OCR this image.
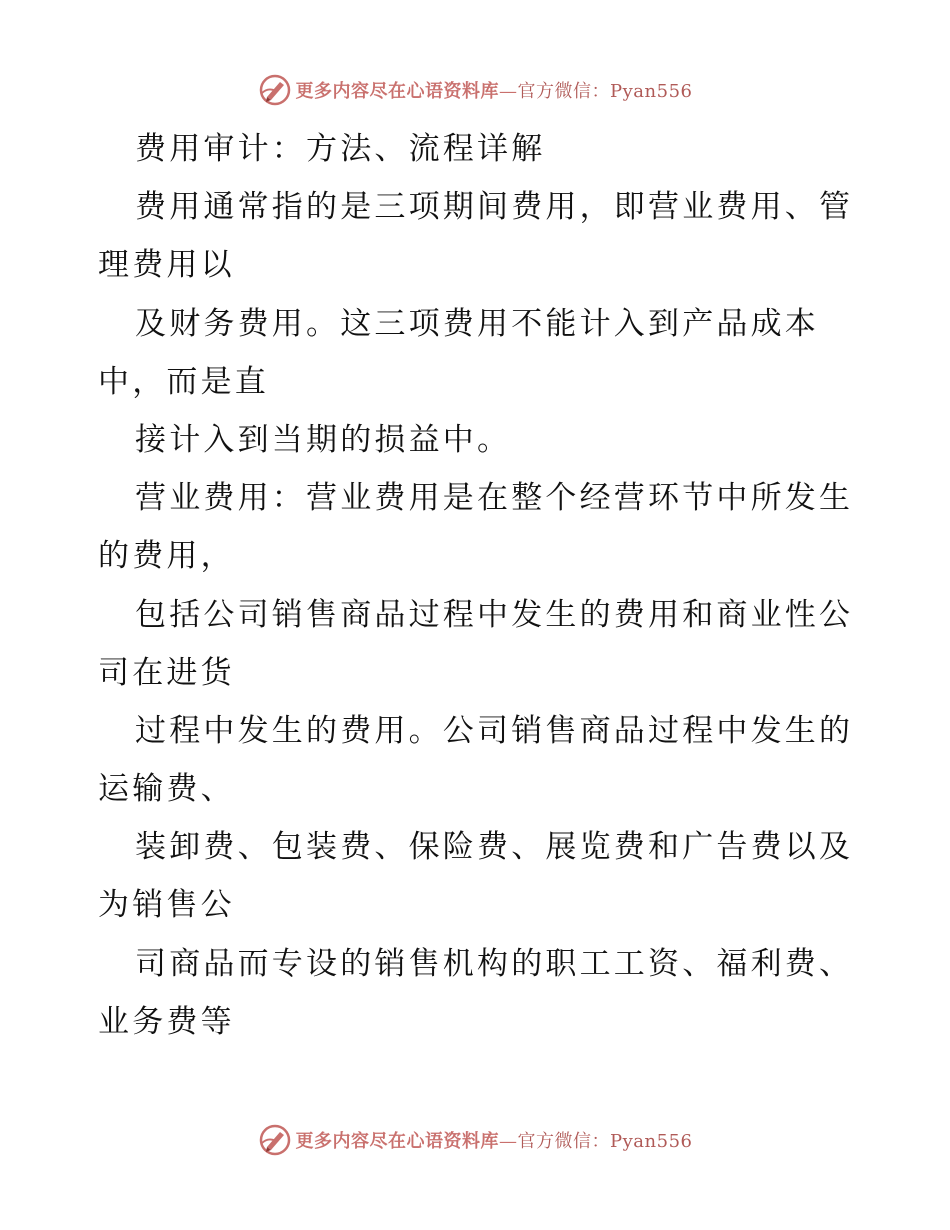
更多内容尽在心语资料库—官方微信：Pyan556
费用审计：方法、流程详解
费用通常指的是三项期间费用，即营业费用、管
理费用以
及财务费用。这三项费用不能计入到产品成本
中，而是直
接计入到当期的损益中。
营业费用：营业费用是在整个经营环节中所发生
的费用，
包括公司销售商品过程中发生的费用和商业性公
司在进货
过程中发生的费用。公司销售商品过程中发生的
运输费、
装卸费、包装费、保险费、展览费和广告费以及
为销售公
司商品而专设的销售机构的职工工资、福利费、
业务费等
更多内容尽在心语资料库—官方微信：Pyan556
